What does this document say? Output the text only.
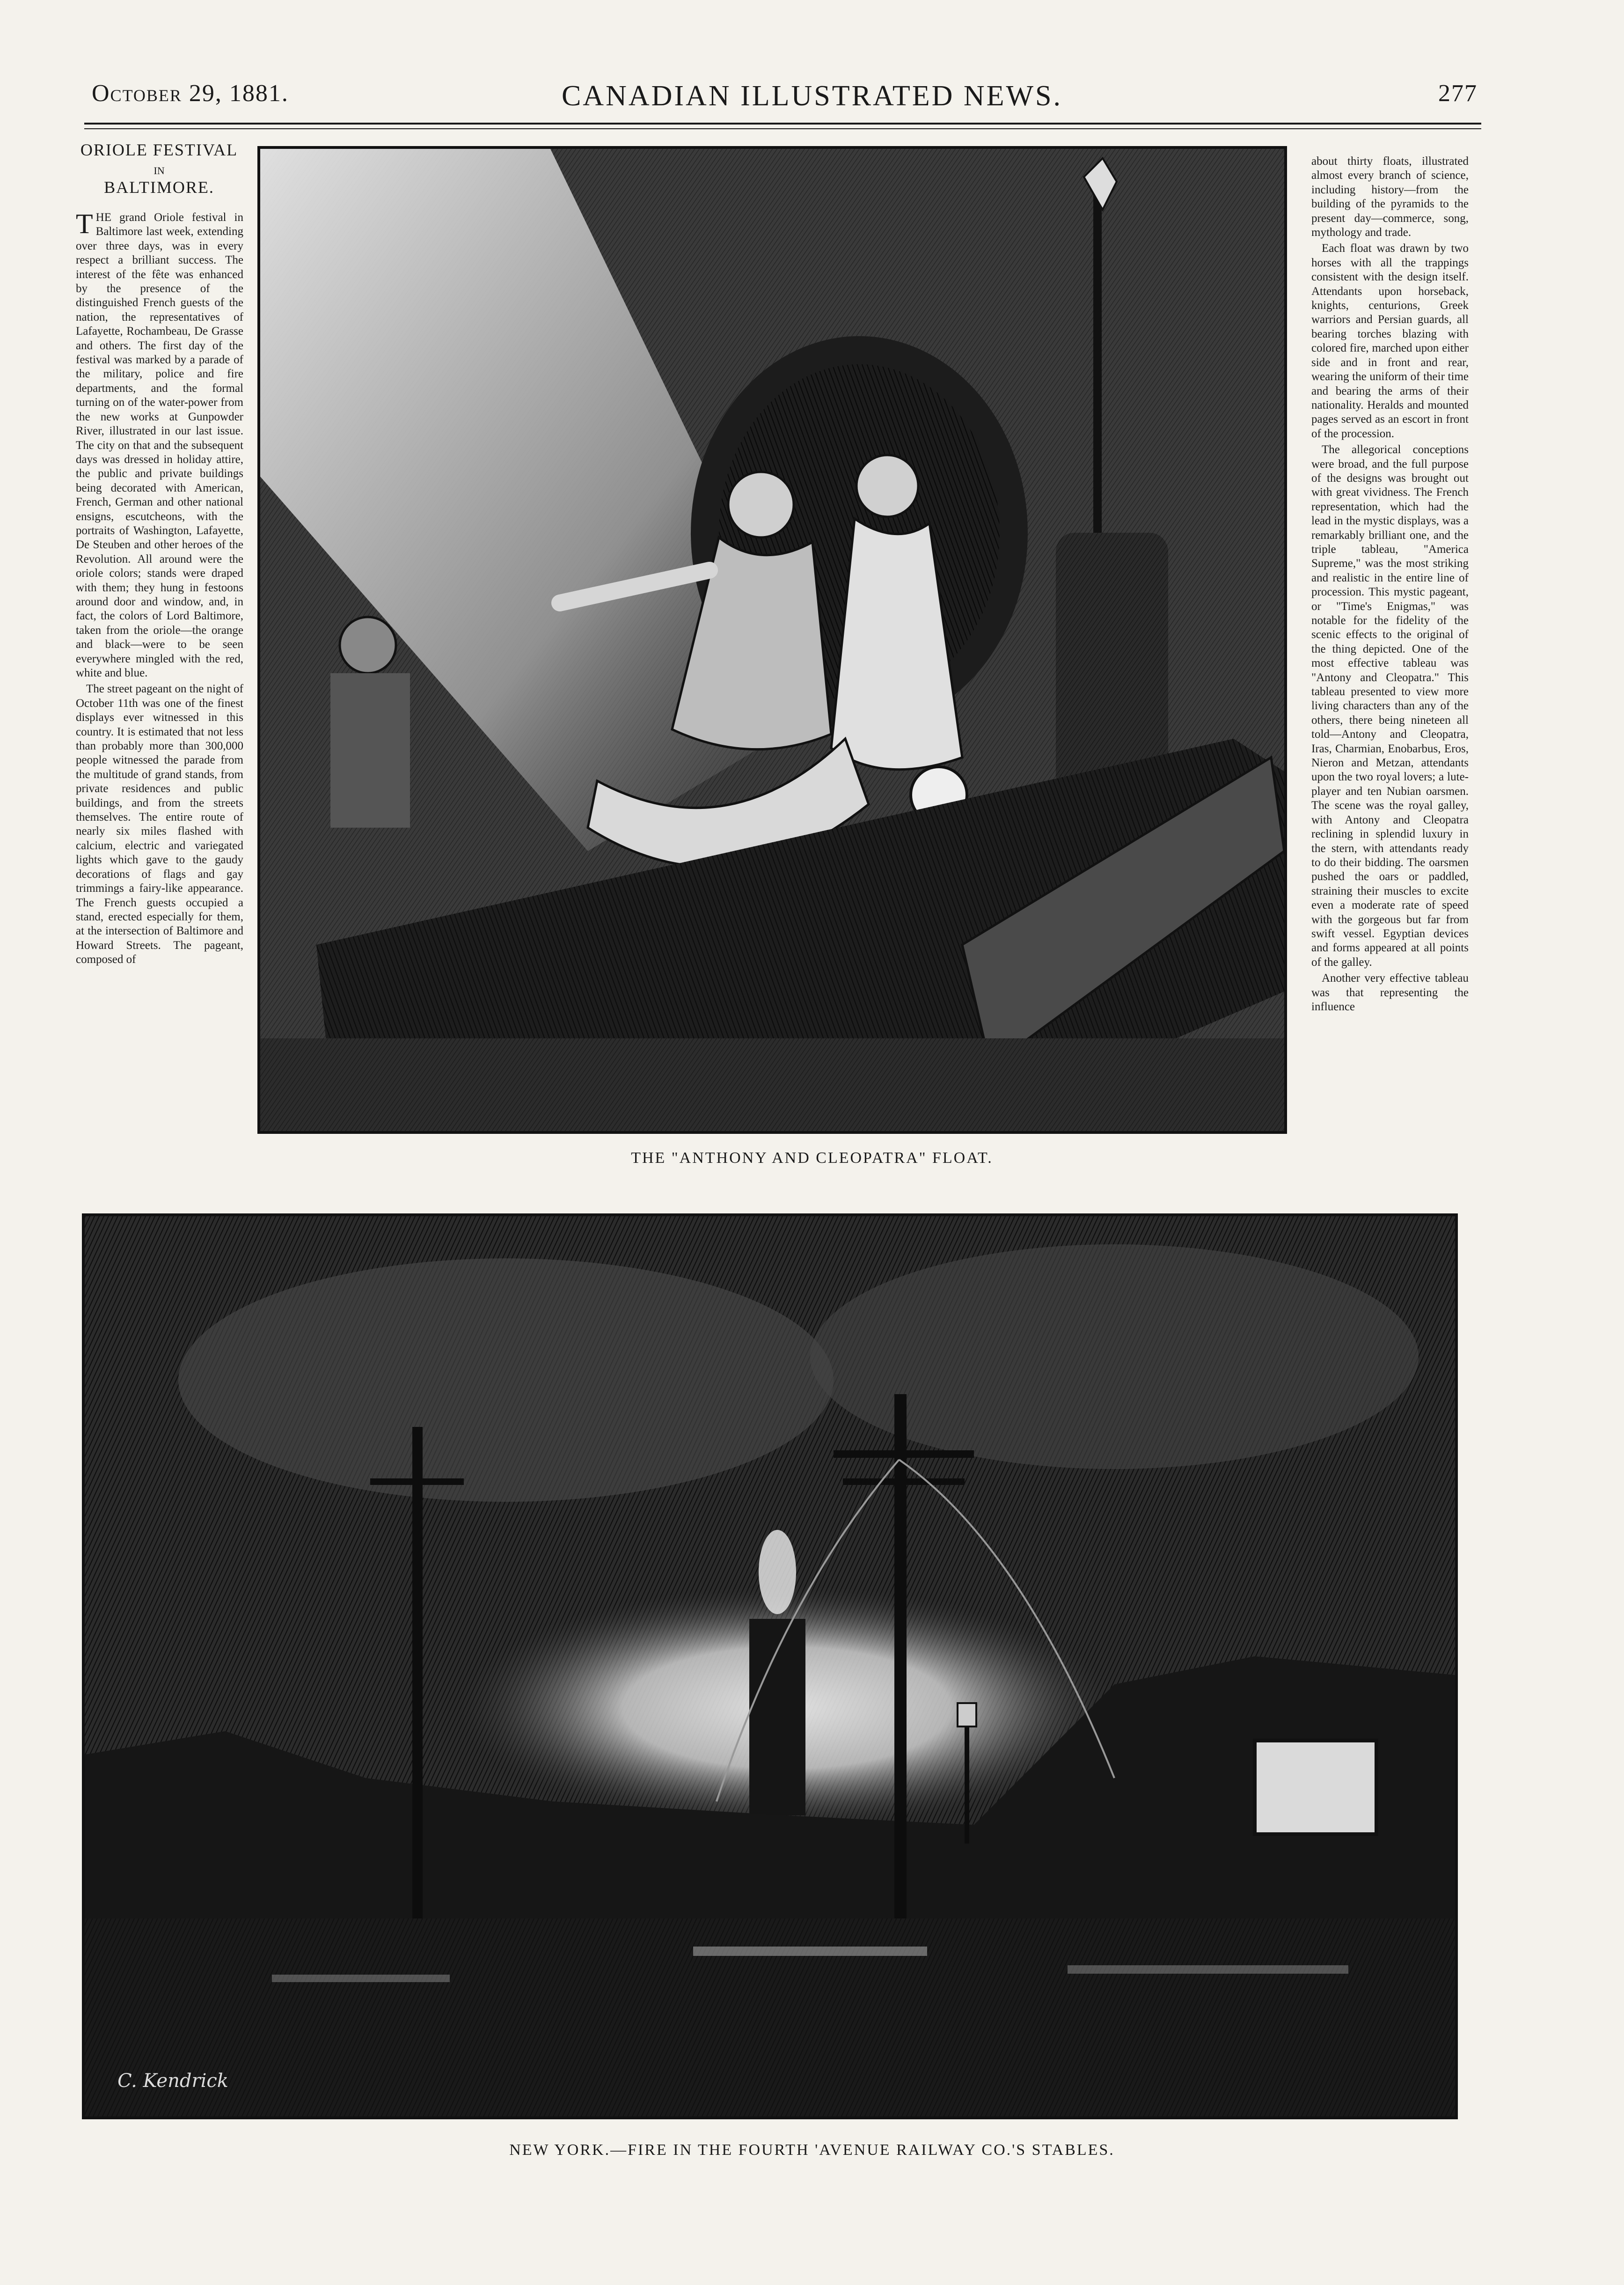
October 29, 1881.	CANADIAN ILLUSTRATED NEWS.	277
ORIOLE FESTIVAL
IN
BALTIMORE.

THE grand Oriole festival in Baltimore last week, extending over three days, was in every respect a brilliant success. The interest of the fête was enhanced by the presence of the distinguished French guests of the nation, the representatives of Lafayette, Rochambeau, De Grasse and others. The first day of the festival was marked by a parade of the military, police and fire departments, and the formal turning on of the water-power from the new works at Gunpowder River, illustrated in our last issue. The city on that and the subsequent days was dressed in holiday attire, the public and private buildings being decorated with American, French, German and other national ensigns, escutcheons, with the portraits of Washington, Lafayette, De Steuben and other heroes of the Revolution. All around were the oriole colors; stands were draped with them; they hung in festoons around door and window, and, in fact, the colors of Lord Baltimore, taken from the oriole—the orange and black—were to be seen everywhere mingled with the red, white and blue.

The street pageant on the night of October 11th was one of the finest displays ever witnessed in this country. It is estimated that not less than probably more than 300,000 people witnessed the parade from the multitude of grand stands, from private residences and public buildings, and from the streets themselves. The entire route of nearly six miles flashed with calcium, electric and variegated lights which gave to the gaudy decorations of flags and gay trimmings a fairy-like appearance. The French guests occupied a stand, erected especially for them, at the intersection of Baltimore and Howard Streets. The pageant, composed of

about thirty floats, illustrated almost every branch of science, including history—from the building of the pyramids to the present day—commerce, song, mythology and trade.

Each float was drawn by two horses with all the trappings consistent with the design itself. Attendants upon horseback, knights, centurions, Greek warriors and Persian guards, all bearing torches blazing with colored fire, marched upon either side and in front and rear, wearing the uniform of their time and bearing the arms of their nationality. Heralds and mounted pages served as an escort in front of the procession.

The allegorical conceptions were broad, and the full purpose of the designs was brought out with great vividness. The French representation, which had the lead in the mystic displays, was a remarkably brilliant one, and the triple tableau, "America Supreme," was the most striking and realistic in the entire line of procession. This mystic pageant, or "Time's Enigmas," was notable for the fidelity of the scenic effects to the original of the thing depicted. One of the most effective tableau was "Antony and Cleopatra." This tableau presented to view more living characters than any of the others, there being nineteen all told—Antony and Cleopatra, Iras, Charmian, Enobarbus, Eros, Nieron and Metzan, attendants upon the two royal lovers; a lute-player and ten Nubian oarsmen. The scene was the royal galley, with Antony and Cleopatra reclining in splendid luxury in the stern, with attendants ready to do their bidding. The oarsmen pushed the oars or paddled, straining their muscles to excite even a moderate rate of speed with the gorgeous but far from swift vessel. Egyptian devices and forms appeared at all points of the galley.

Another very effective tableau was that representing the influence

THE "ANTHONY AND CLEOPATRA" FLOAT.
C. Kendrick
NEW YORK.—FIRE IN THE FOURTH 'AVENUE RAILWAY CO.'S STABLES.
